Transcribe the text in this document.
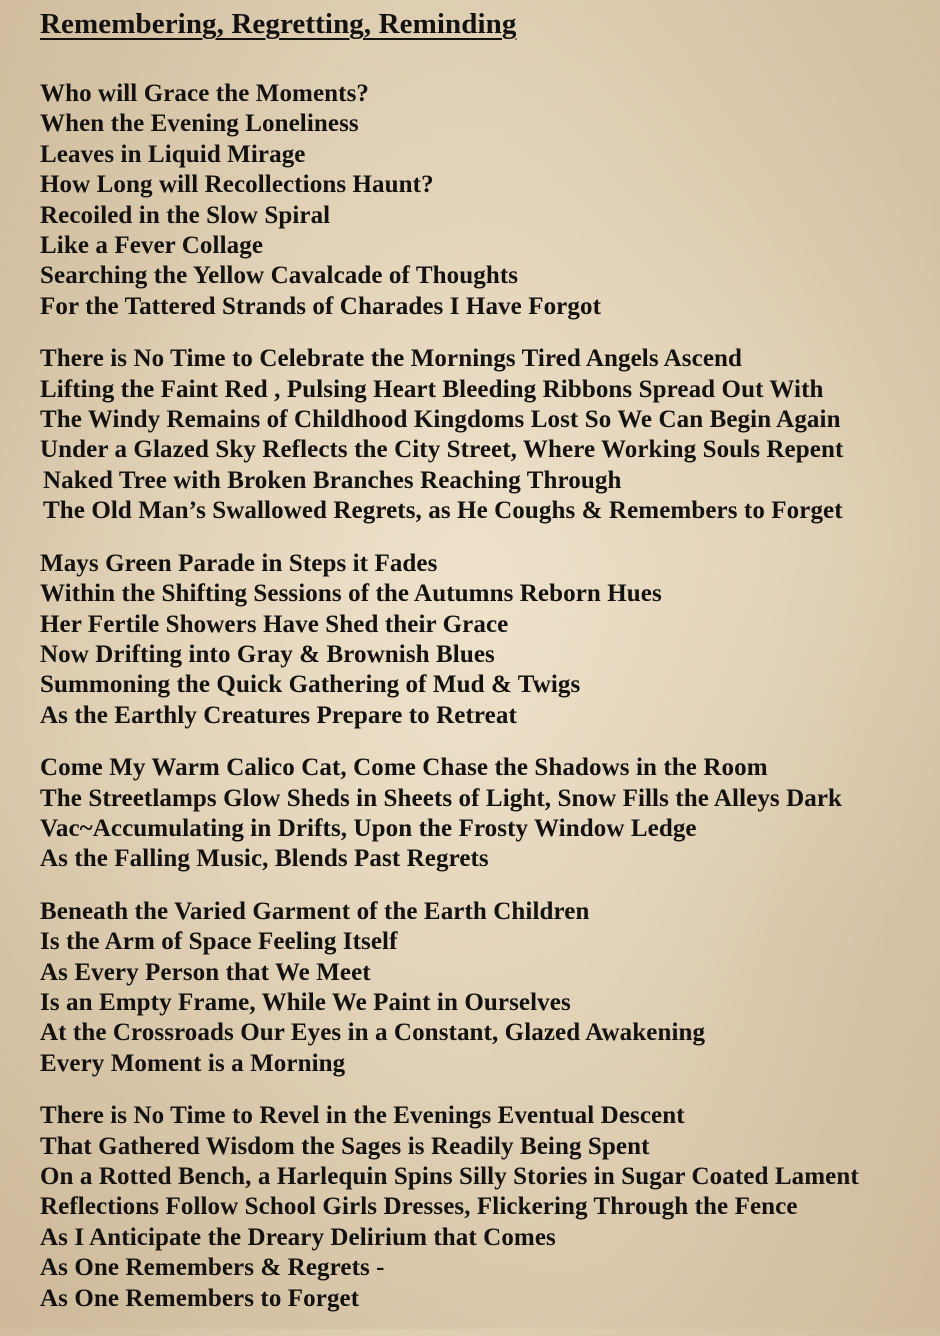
Remembering, Regretting, Reminding
Who will Grace the Moments?
When the Evening Loneliness
Leaves in Liquid Mirage
How Long will Recollections Haunt?
Recoiled in the Slow Spiral
Like a Fever Collage
Searching the Yellow Cavalcade of Thoughts
For the Tattered Strands of Charades I Have Forgot
There is No Time to Celebrate the Mornings Tired Angels Ascend
Lifting the Faint Red , Pulsing Heart Bleeding Ribbons Spread Out With
The Windy Remains of Childhood Kingdoms Lost So We Can Begin Again
Under a Glazed Sky Reflects the City Street, Where Working Souls Repent
Naked Tree with Broken Branches Reaching Through
The Old Man’s Swallowed Regrets, as He Coughs & Remembers to Forget
Mays Green Parade in Steps it Fades
Within the Shifting Sessions of the Autumns Reborn Hues
Her Fertile Showers Have Shed their Grace
Now Drifting into Gray & Brownish Blues
Summoning the Quick Gathering of Mud & Twigs
As the Earthly Creatures Prepare to Retreat
Come My Warm Calico Cat, Come Chase the Shadows in the Room
The Streetlamps Glow Sheds in Sheets of Light, Snow Fills the Alleys Dark
Vac~Accumulating in Drifts, Upon the Frosty Window Ledge
As the Falling Music, Blends Past Regrets
Beneath the Varied Garment of the Earth Children
Is the Arm of Space Feeling Itself
As Every Person that We Meet
Is an Empty Frame, While We Paint in Ourselves
At the Crossroads Our Eyes in a Constant, Glazed Awakening
Every Moment is a Morning
There is No Time to Revel in the Evenings Eventual Descent
That Gathered Wisdom the Sages is Readily Being Spent
On a Rotted Bench, a Harlequin Spins Silly Stories in Sugar Coated Lament
Reflections Follow School Girls Dresses, Flickering Through the Fence
As I Anticipate the Dreary Delirium that Comes
As One Remembers & Regrets -
As One Remembers to Forget
